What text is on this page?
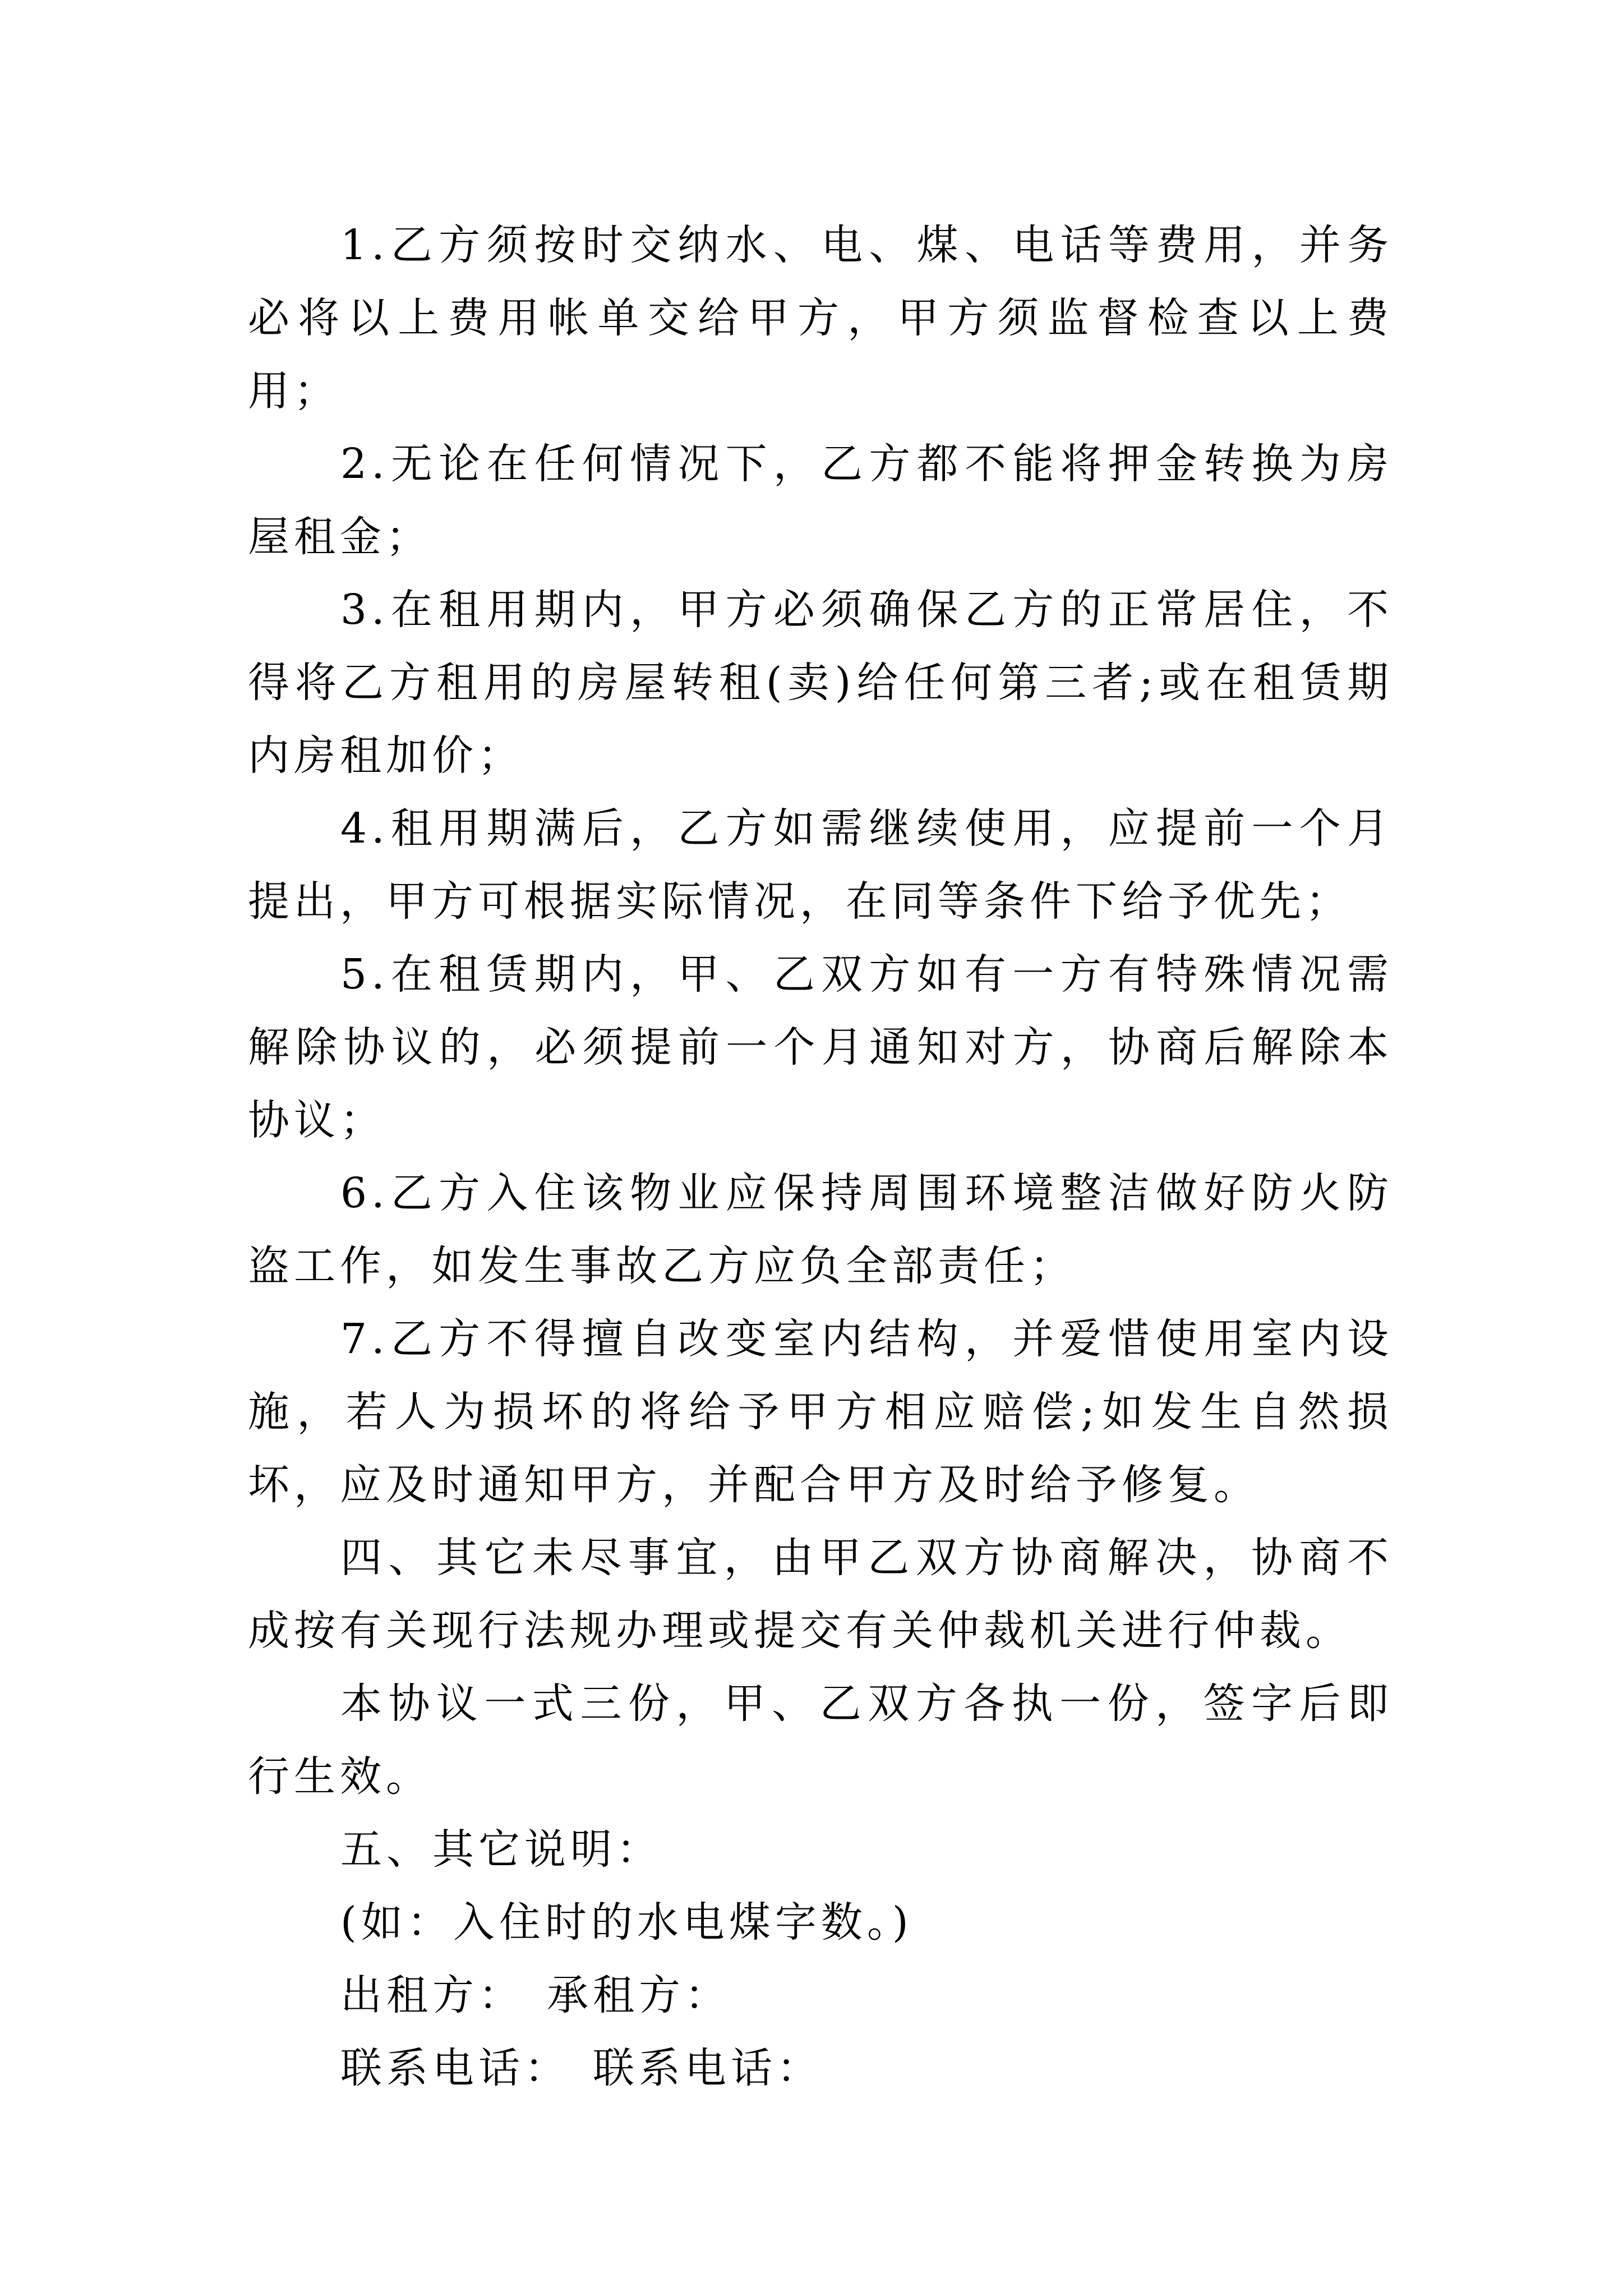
1.乙方须按时交纳水、电、煤、电话等费用，并务必将以上费用帐单交给甲方，甲方须监督检查以上费用；

2.无论在任何情况下，乙方都不能将押金转换为房屋租金；

3.在租用期内，甲方必须确保乙方的正常居住，不得将乙方租用的房屋转租(卖)给任何第三者;或在租赁期内房租加价；

4.租用期满后，乙方如需继续使用，应提前一个月提出，甲方可根据实际情况，在同等条件下给予优先；

5.在租赁期内，甲、乙双方如有一方有特殊情况需解除协议的，必须提前一个月通知对方，协商后解除本协议；

6.乙方入住该物业应保持周围环境整洁做好防火防盗工作，如发生事故乙方应负全部责任；

7.乙方不得擅自改变室内结构，并爱惜使用室内设施，若人为损坏的将给予甲方相应赔偿;如发生自然损坏，应及时通知甲方，并配合甲方及时给予修复。

四、其它未尽事宜，由甲乙双方协商解决，协商不成按有关现行法规办理或提交有关仲裁机关进行仲裁。

本协议一式三份，甲、乙双方各执一份，签字后即行生效。

五、其它说明：

(如：入住时的水电煤字数。)

出租方： 承租方：

联系电话： 联系电话：
